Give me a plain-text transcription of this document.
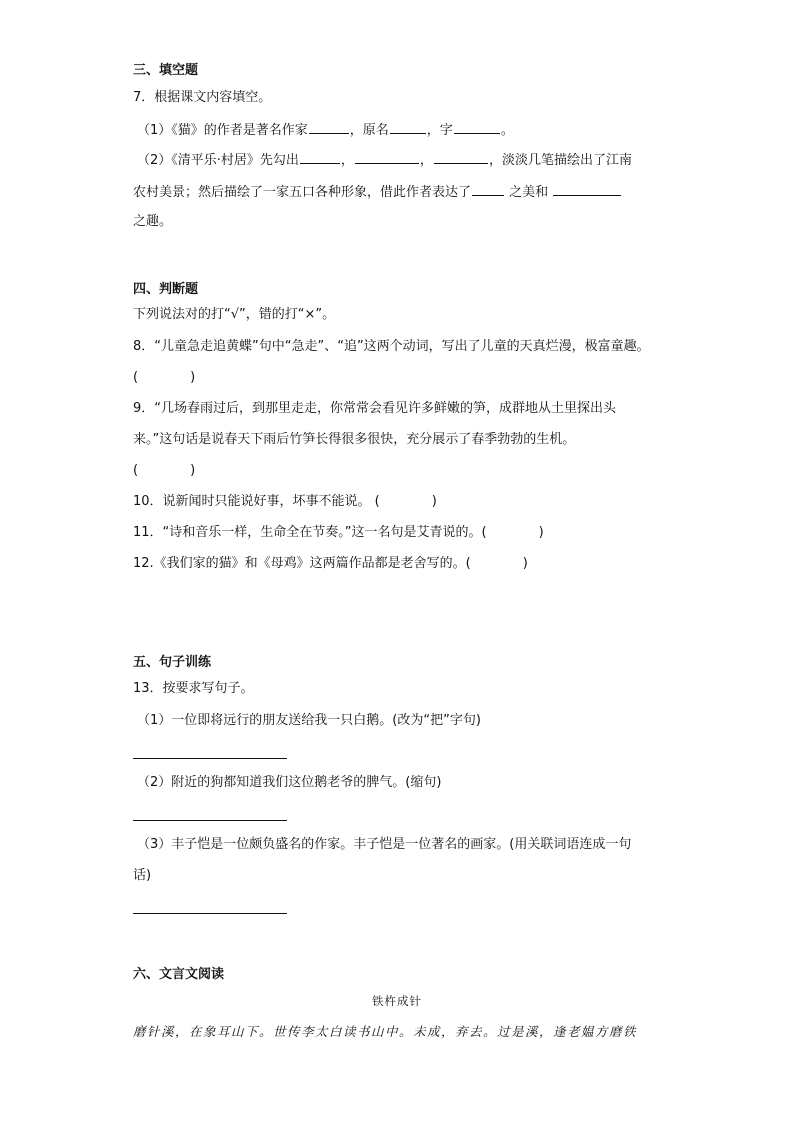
三、填空题
7．根据课文内容填空。
（1）《猫》的作者是著名作家	，原名	，字	。
（2）《清平乐·村居》先勾出	，	，	，淡淡几笔描绘出了江南
农村美景；然后描绘了一家五口各种形象，借此作者表达了	之美和
之趣。
四、判断题
下列说法对的打“√”，错的打“×”。
8．“儿童急走追黄蝶”句中“急走”、“追”这两个动词，写出了儿童的天真烂漫，极富童趣。
(　　　　)
9．“几场春雨过后，到那里走走，你常常会看见许多鲜嫩的笋，成群地从土里探出头
来。”这句话是说春天下雨后竹笋长得很多很快，充分展示了春季勃勃的生机。
(　　　　)
10．说新闻时只能说好事，坏事不能说。 (　　　　)
11．“诗和音乐一样，生命全在节奏。”这一名句是艾青说的。(　　　　)
12.《我们家的猫》和《母鸡》这两篇作品都是老舍写的。(　　　　)
五、句子训练
13．按要求写句子。
（1）一位即将远行的朋友送给我一只白鹅。(改为“把”字句)
（2）附近的狗都知道我们这位鹅老爷的脾气。(缩句)
（3）丰子恺是一位颇负盛名的作家。丰子恺是一位著名的画家。(用关联词语连成一句
话)
六、文言文阅读
铁杵成针
磨针溪，在象耳山下。世传李太白读书山中。未成，弃去。过是溪，逢老媪方磨铁
